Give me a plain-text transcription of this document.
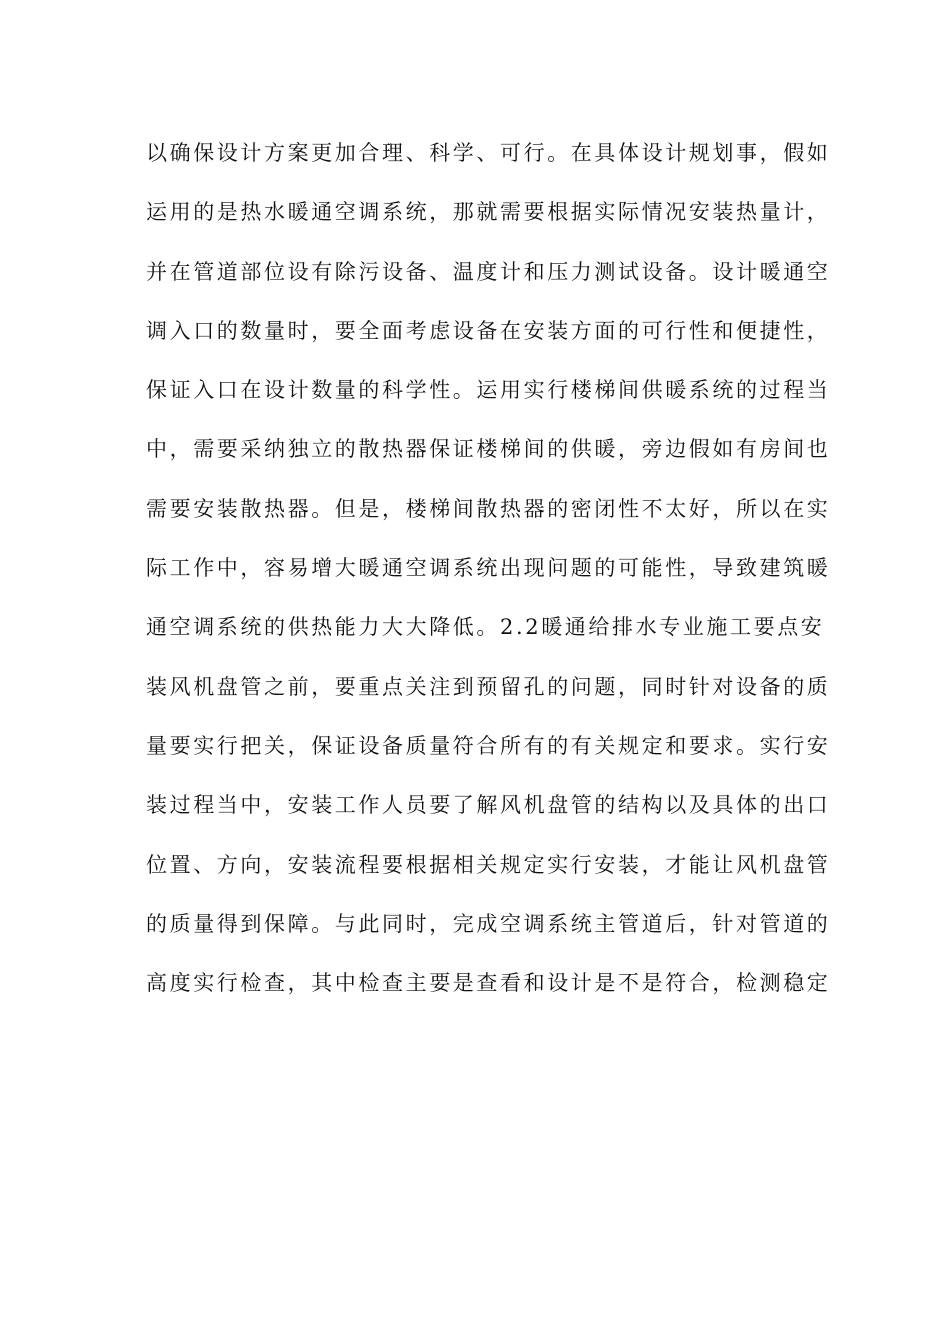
以确保设计方案更加合理、科学、可行。在具体设计规划事，假如
运用的是热水暖通空调系统，那就需要根据实际情况安装热量计，
并在管道部位设有除污设备、温度计和压力测试设备。设计暖通空
调入口的数量时，要全面考虑设备在安装方面的可行性和便捷性，
保证入口在设计数量的科学性。运用实行楼梯间供暖系统的过程当
中，需要采纳独立的散热器保证楼梯间的供暖，旁边假如有房间也
需要安装散热器。但是，楼梯间散热器的密闭性不太好，所以在实
际工作中，容易增大暖通空调系统出现问题的可能性，导致建筑暖
通空调系统的供热能力大大降低。2.2暖通给排水专业施工要点安
装风机盘管之前，要重点关注到预留孔的问题，同时针对设备的质
量要实行把关，保证设备质量符合所有的有关规定和要求。实行安
装过程当中，安装工作人员要了解风机盘管的结构以及具体的出口
位置、方向，安装流程要根据相关规定实行安装，才能让风机盘管
的质量得到保障。与此同时，完成空调系统主管道后，针对管道的
高度实行检查，其中检查主要是查看和设计是不是符合，检测稳定
